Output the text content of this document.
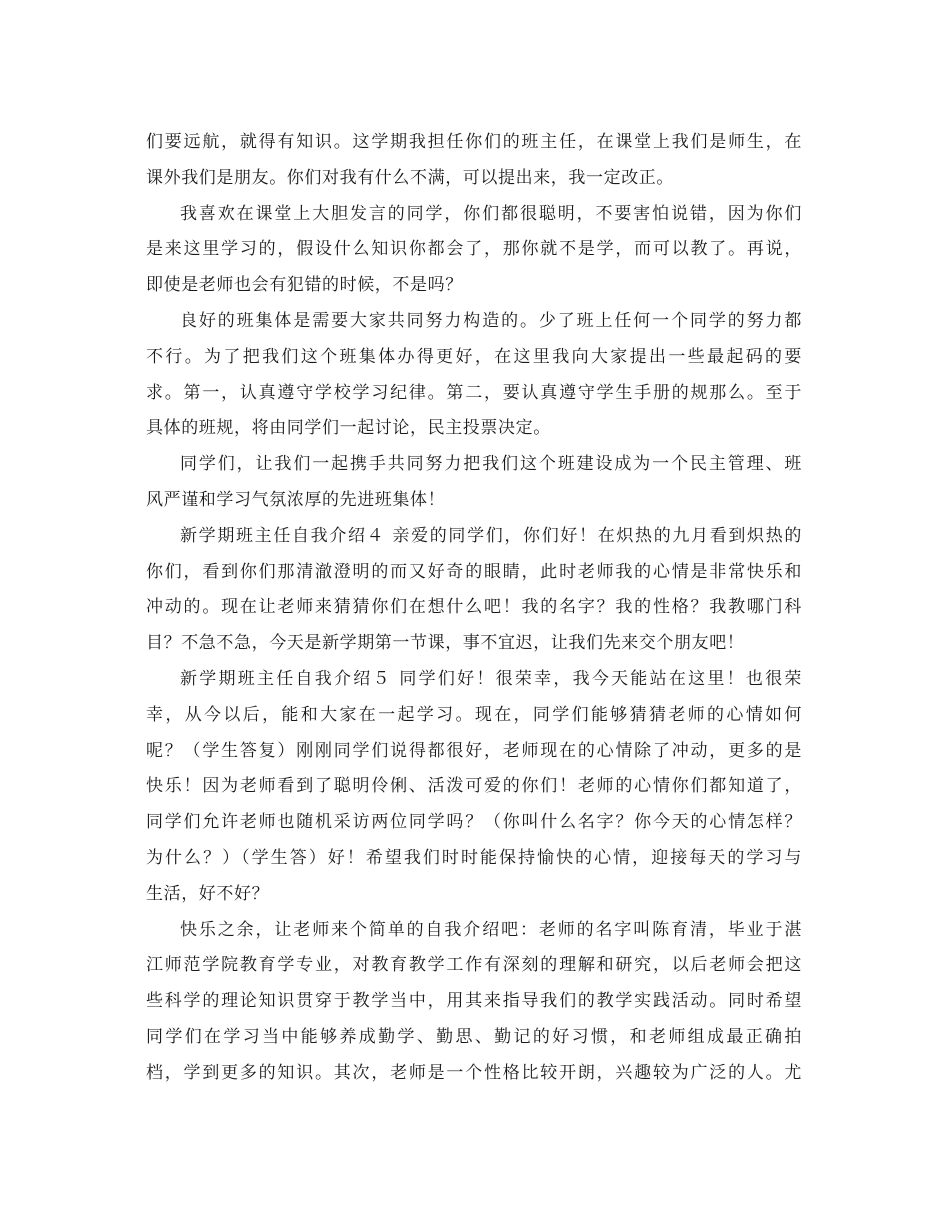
们要远航，就得有知识。这学期我担任你们的班主任，在课堂上我们是师生，在
课外我们是朋友。你们对我有什么不满，可以提出来，我一定改正。
我喜欢在课堂上大胆发言的同学，你们都很聪明，不要害怕说错，因为你们
是来这里学习的，假设什么知识你都会了，那你就不是学，而可以教了。再说，
即使是老师也会有犯错的时候，不是吗？
良好的班集体是需要大家共同努力构造的。少了班上任何一个同学的努力都
不行。为了把我们这个班集体办得更好，在这里我向大家提出一些最起码的要
求。第一，认真遵守学校学习纪律。第二，要认真遵守学生手册的规那么。至于
具体的班规，将由同学们一起讨论，民主投票决定。
同学们，让我们一起携手共同努力把我们这个班建设成为一个民主管理、班
风严谨和学习气氛浓厚的先进班集体！
新学期班主任自我介绍４ 亲爱的同学们，你们好！在炽热的九月看到炽热的
你们，看到你们那清澈澄明的而又好奇的眼睛，此时老师我的心情是非常快乐和
冲动的。现在让老师来猜猜你们在想什么吧！我的名字？我的性格？我教哪门科
目？不急不急，今天是新学期第一节课，事不宜迟，让我们先来交个朋友吧！
新学期班主任自我介绍５ 同学们好！很荣幸，我今天能站在这里！也很荣
幸，从今以后，能和大家在一起学习。现在，同学们能够猜猜老师的心情如何
呢？（学生答复）刚刚同学们说得都很好，老师现在的心情除了冲动，更多的是
快乐！因为老师看到了聪明伶俐、活泼可爱的你们！老师的心情你们都知道了，
同学们允许老师也随机采访两位同学吗？（你叫什么名字？你今天的心情怎样？
为什么？）（学生答）好！希望我们时时能保持愉快的心情，迎接每天的学习与
生活，好不好？
快乐之余，让老师来个简单的自我介绍吧：老师的名字叫陈育清，毕业于湛
江师范学院教育学专业，对教育教学工作有深刻的理解和研究，以后老师会把这
些科学的理论知识贯穿于教学当中，用其来指导我们的教学实践活动。同时希望
同学们在学习当中能够养成勤学、勤思、勤记的好习惯，和老师组成最正确拍
档，学到更多的知识。其次，老师是一个性格比较开朗，兴趣较为广泛的人。尤
